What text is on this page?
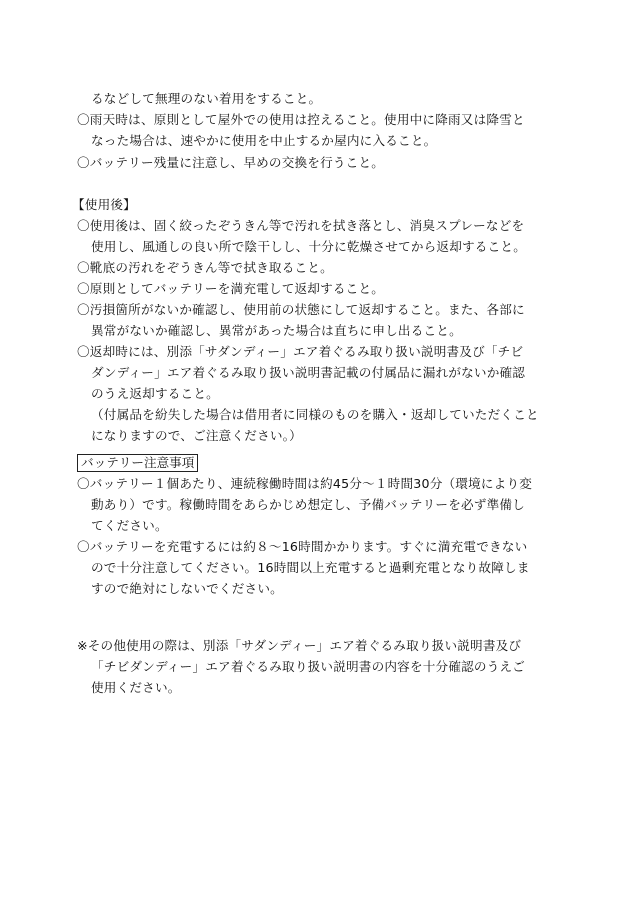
るなどして無理のない着用をすること。
〇雨天時は、原則として屋外での使用は控えること。使用中に降雨又は降雪と
なった場合は、速やかに使用を中止するか屋内に入ること。
〇バッテリー残量に注意し、早めの交換を行うこと。
【使用後】
〇使用後は、固く絞ったぞうきん等で汚れを拭き落とし、消臭スプレーなどを
使用し、風通しの良い所で陰干しし、十分に乾燥させてから返却すること。
〇靴底の汚れをぞうきん等で拭き取ること。
〇原則としてバッテリーを満充電して返却すること。
〇汚損箇所がないか確認し、使用前の状態にして返却すること。また、各部に
異常がないか確認し、異常があった場合は直ちに申し出ること。
〇返却時には、別添「サダンディー」エア着ぐるみ取り扱い説明書及び「チビ
ダンディー」エア着ぐるみ取り扱い説明書記載の付属品に漏れがないか確認
のうえ返却すること。
（付属品を紛失した場合は借用者に同様のものを購入・返却していただくこと
になりますので、ご注意ください。）
バッテリー注意事項
〇バッテリー１個あたり、連続稼働時間は約45分～１時間30分（環境により変
動あり）です。稼働時間をあらかじめ想定し、予備バッテリーを必ず準備し
てください。
〇バッテリーを充電するには約８～16時間かかります。すぐに満充電できない
ので十分注意してください。16時間以上充電すると過剰充電となり故障しま
すので絶対にしないでください。
※その他使用の際は、別添「サダンディー」エア着ぐるみ取り扱い説明書及び
「チビダンディー」エア着ぐるみ取り扱い説明書の内容を十分確認のうえご
使用ください。
